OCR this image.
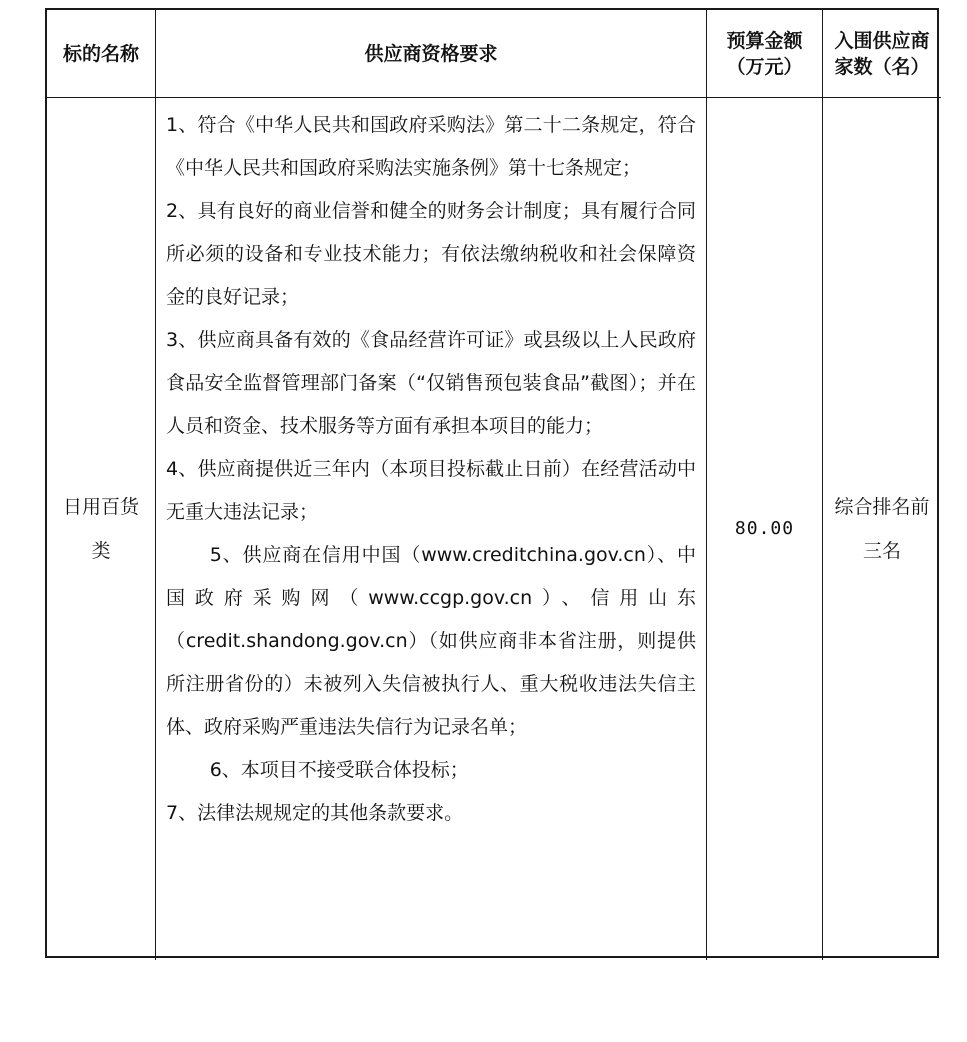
标的名称	供应商资格要求
预算金额（万元）
入围供应商家数（名）
日用百货类

1、符合《中华人民共和国政府采购法》第二十二条规定，符合《中华人民共和国政府采购法实施条例》第十七条规定；

2、具有良好的商业信誉和健全的财务会计制度；具有履行合同所必须的设备和专业技术能力；有依法缴纳税收和社会保障资金的良好记录；

3、供应商具备有效的《食品经营许可证》或县级以上人民政府食品安全监督管理部门备案（“仅销售预包装食品”截图）；并在人员和资金、技术服务等方面有承担本项目的能力；

4、供应商提供近三年内（本项目投标截止日前）在经营活动中无重大违法记录；

5、供应商在信用中国（www.creditchina.gov.cn）、中国政府采购网（www.ccgp.gov.cn）、信用山东（credit.shandong.gov.cn）（如供应商非本省注册，则提供所注册省份的）未被列入失信被执行人、重大税收违法失信主体、政府采购严重违法失信行为记录名单；

6、本项目不接受联合体投标；

7、法律法规规定的其他条款要求。

80.00
综合排名前三名
